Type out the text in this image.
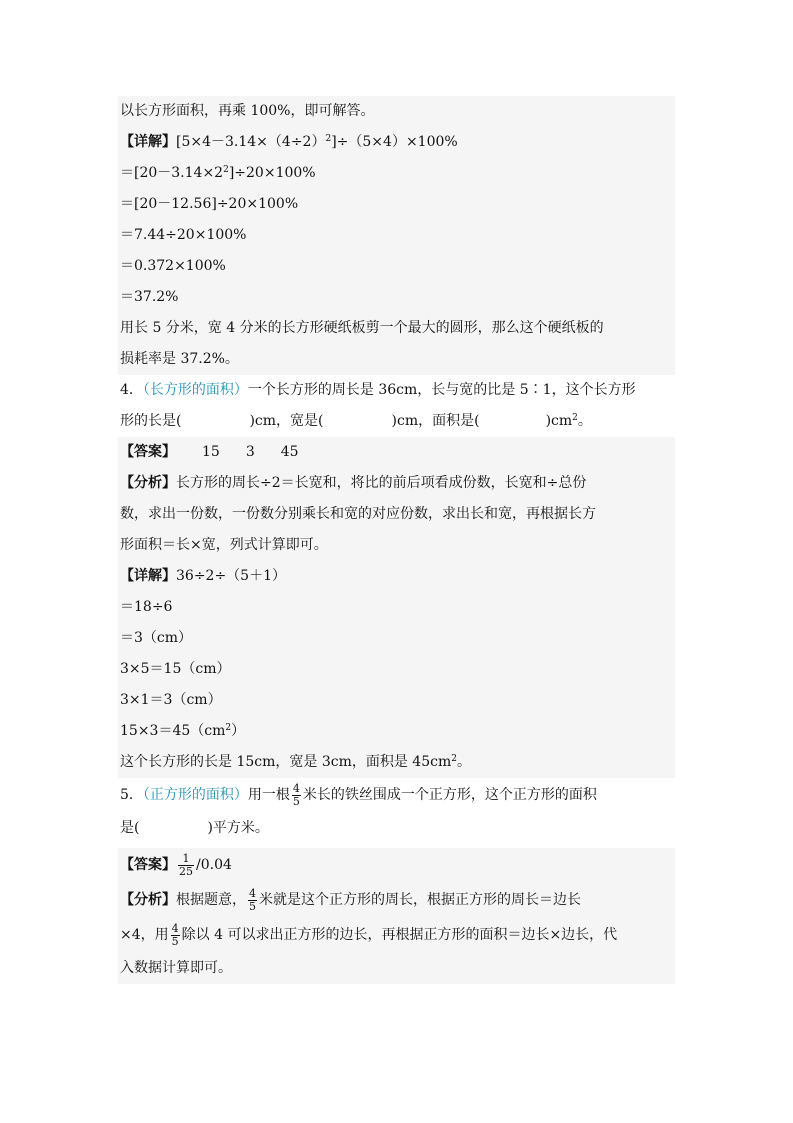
以长方形面积，再乘 100%，即可解答。
【详解】$[5\times 4-3.14\times(4\div 2)^2]\div(5\times 4)\times 100\%$
$=[20-3.14\times 2^2]\div 20\times 100\%$
＝[20－12.56]÷20×100%
＝7.44÷20×100%
＝0.372×100%
＝37.2%
用长 5 分米，宽 4 分米的长方形硬纸板剪一个最大的圆形，那么这个硬纸板的
损耗率是 37.2%。
4．（长方形的面积）一个长方形的周长是 36cm，长与宽的比是 5∶1，这个长方形
形的长是(	)cm，宽是(	)cm，面积是(	)$cm^2$。
【答案】 15 3 45
【分析】长方形的周长÷2＝长宽和，将比的前后项看成份数，长宽和÷总份
数，求出一份数，一份数分别乘长和宽的对应份数，求出长和宽，再根据长方
形面积＝长×宽，列式计算即可。
【详解】36÷2÷（5＋1）
＝18÷6
＝3（cm）
3×5＝15（cm）
3×1＝3（cm）
$15\times 3=45(cm^2)$
这个长方形的长是 15cm，宽是 3cm，面积是 $45cm^2$。
5．（正方形的面积）用一根 $\frac{4}{5}$ 米长的铁丝围成一个正方形，这个正方形的面积
是(	)平方米。
【答案】 $\frac{1}{25} /0.04$
【分析】根据题意， $\frac{4}{5}$ 米就是这个正方形的周长，根据正方形的周长＝边长
×4，用 $\frac{4}{5}$ 除以 4 可以求出正方形的边长，再根据正方形的面积＝边长×边长，代
入数据计算即可。
